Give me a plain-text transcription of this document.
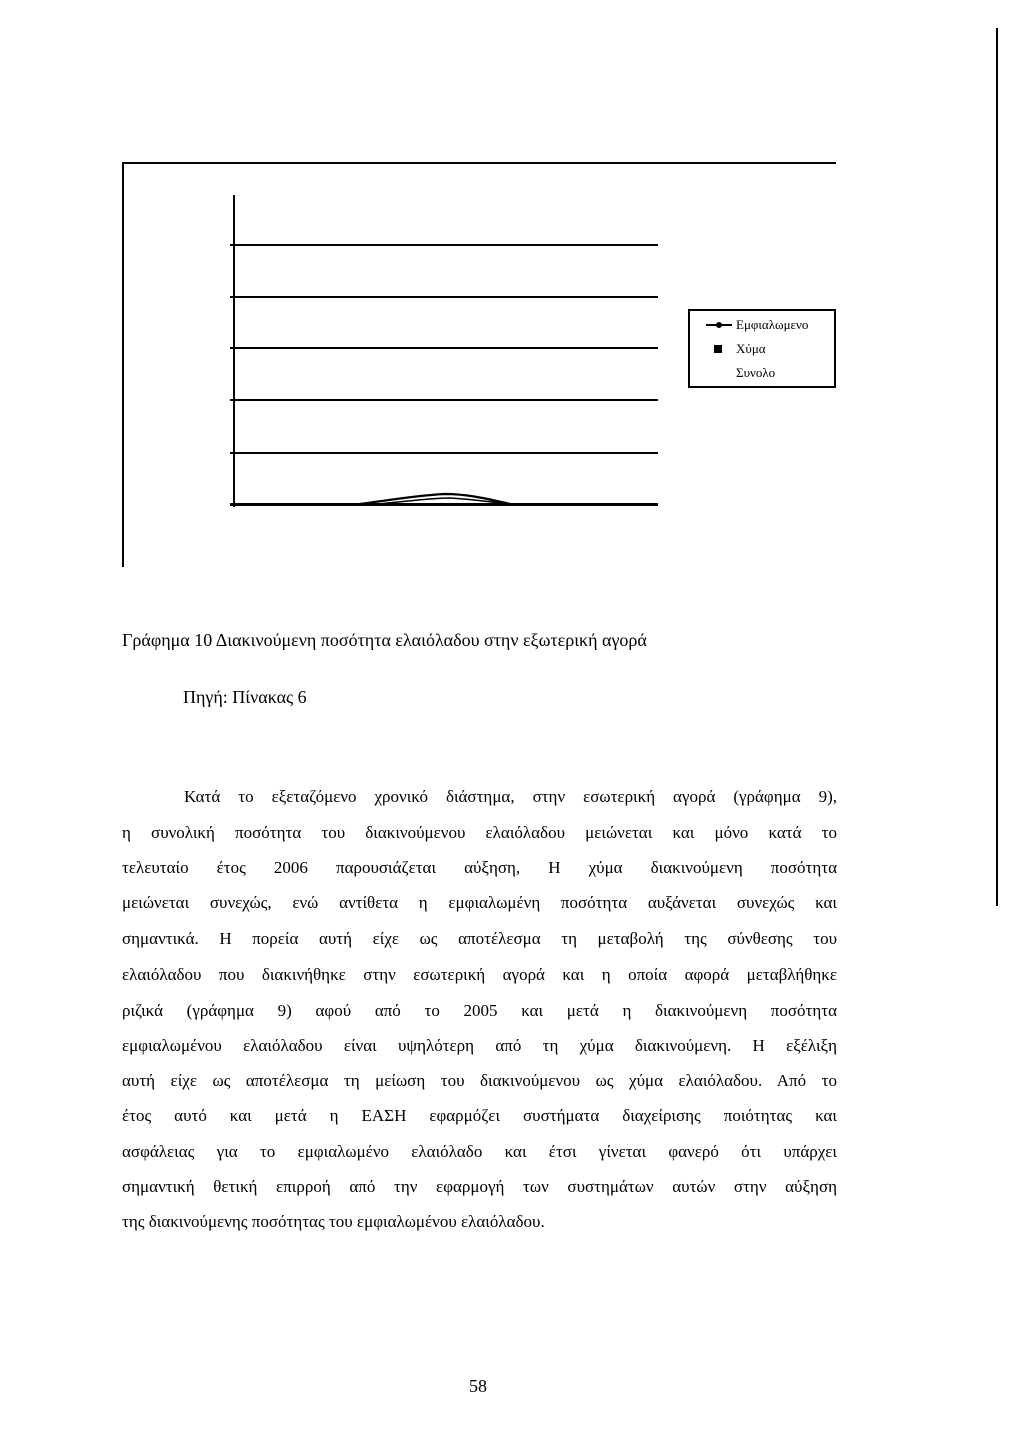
Εμφιαλωμενο
Χύμα
Συνολο
Γράφημα 10 Διακινούμενη ποσότητα ελαιόλαδου στην εξωτερική αγορά
Πηγή: Πίνακας 6
Κατά το εξεταζόμενο χρονικό διάστημα, στην εσωτερική αγορά (γράφημα 9),
η συνολική ποσότητα του διακινούμενου ελαιόλαδου μειώνεται και μόνο κατά το
τελευταίο έτος 2006 παρουσιάζεται αύξηση, Η χύμα διακινούμενη ποσότητα
μειώνεται συνεχώς, ενώ αντίθετα η εμφιαλωμένη ποσότητα αυξάνεται συνεχώς και
σημαντικά. Η πορεία αυτή είχε ως αποτέλεσμα τη μεταβολή της σύνθεσης του
ελαιόλαδου που διακινήθηκε στην εσωτερική αγορά και η οποία αφορά μεταβλήθηκε
ριζικά (γράφημα 9) αφού από το 2005 και μετά η διακινούμενη ποσότητα
εμφιαλωμένου ελαιόλαδου είναι υψηλότερη από τη χύμα διακινούμενη. Η εξέλιξη
αυτή είχε ως αποτέλεσμα τη μείωση του διακινούμενου ως χύμα ελαιόλαδου. Από το
έτος αυτό και μετά η ΕΑΣΗ εφαρμόζει συστήματα διαχείρισης ποιότητας και
ασφάλειας για το εμφιαλωμένο ελαιόλαδο και έτσι γίνεται φανερό ότι υπάρχει
σημαντική θετική επιρροή από την εφαρμογή των συστημάτων αυτών στην αύξηση
της διακινούμενης ποσότητας του εμφιαλωμένου ελαιόλαδου.
58
